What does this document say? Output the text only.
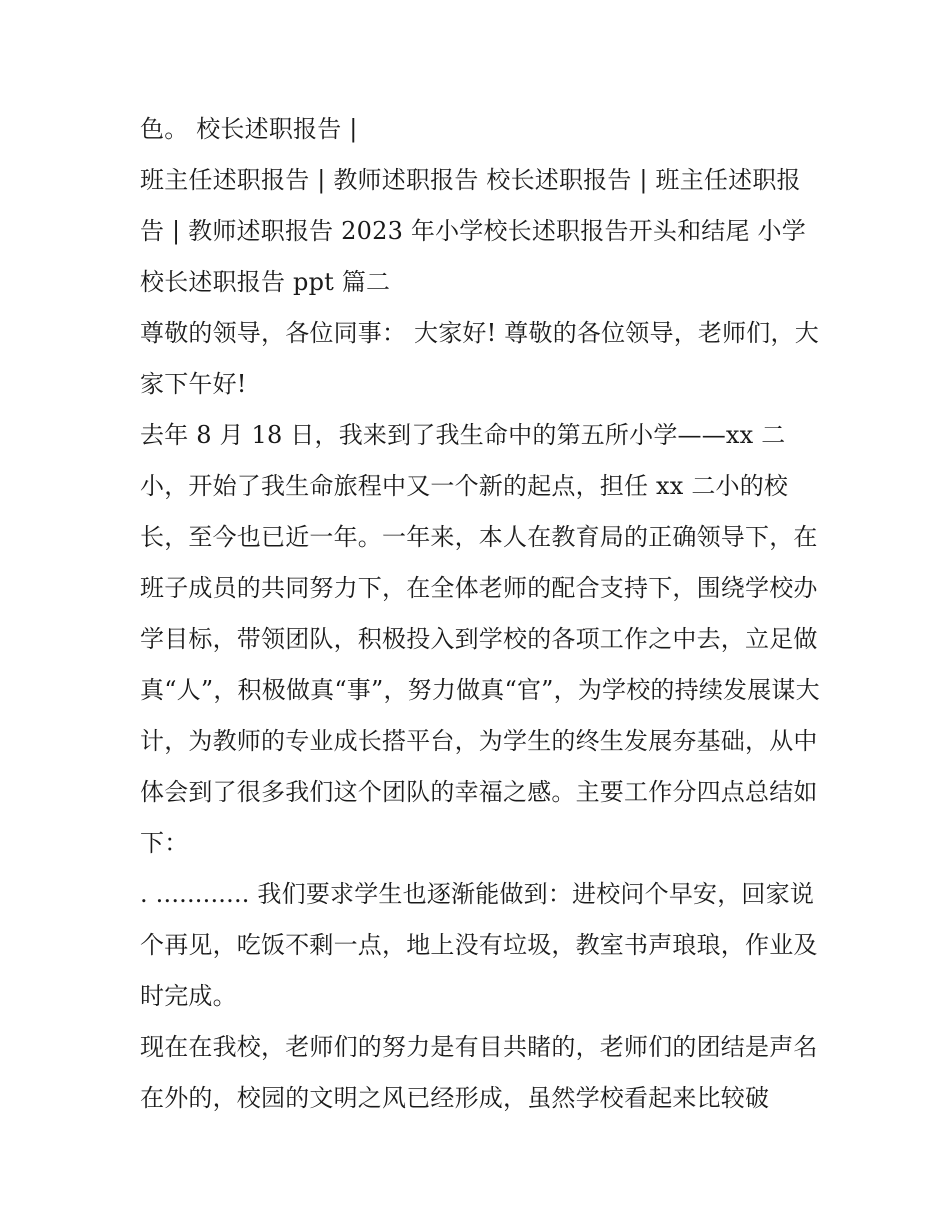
色。 校长述职报告 |

班主任述职报告 | 教师述职报告 校长述职报告 | 班主任述职报告 | 教师述职报告 2023 年小学校长述职报告开头和结尾 小学校长述职报告 ppt 篇二

尊敬的领导，各位同事： 大家好! 尊敬的各位领导，老师们，大家下午好!

去年 8 月 18 日，我来到了我生命中的第五所小学——xx 二小，开始了我生命旅程中又一个新的起点，担任 xx 二小的校长，至今也已近一年。一年来，本人在教育局的正确领导下，在班子成员的共同努力下，在全体老师的配合支持下，围绕学校办学目标，带领团队，积极投入到学校的各项工作之中去，立足做真“人”，积极做真“事”，努力做真“官”，为学校的持续发展谋大计，为教师的专业成长搭平台，为学生的终生发展夯基础，从中体会到了很多我们这个团队的幸福之感。主要工作分四点总结如下：

. ............ 我们要求学生也逐渐能做到：进校问个早安，回家说个再见，吃饭不剩一点，地上没有垃圾，教室书声琅琅，作业及时完成。

现在在我校，老师们的努力是有目共睹的，老师们的团结是声名在外的，校园的文明之风已经形成，虽然学校看起来比较破
